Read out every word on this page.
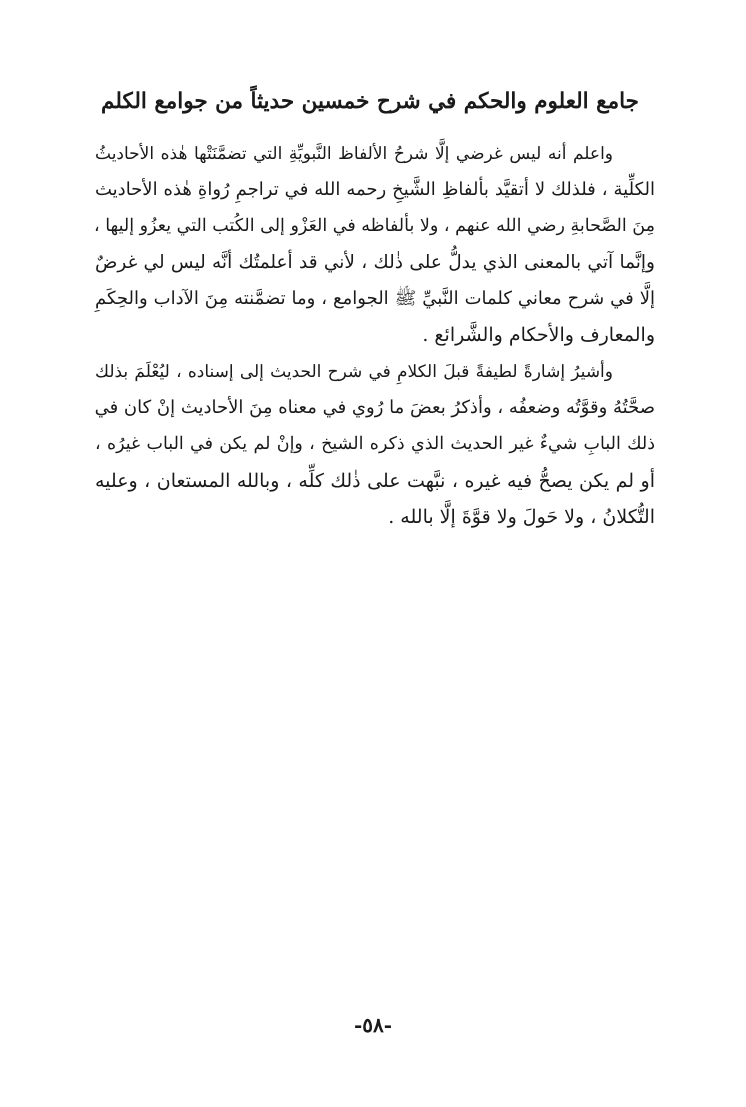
جامع العلوم والحكم في شرح خمسين حديثاً من جوامع الكلم
واعلم أنه ليس غرضي إلَّا شرحُ الألفاظ النَّبويِّةِ التي تضمَّنَتْها هٰذه الأحاديثُ
الكلِّية ، فلذلك لا أتقيَّد بألفاظِ الشَّيخِ رحمه الله في تراجمِ رُواةِ هٰذه الأحاديث
مِنَ الصَّحابةِ رضي الله عنهم ، ولا بألفاظه في العَزْو إلى الكُتب التي يعزُو إليها ،
وإنَّما آتي بالمعنى الذي يدلُّ على ذٰلك ، لأني قد أعلمتُك أنَّه ليس لي غرضٌ
إلَّا في شرح معاني كلمات النَّبيِّ ﷺ الجوامع ، وما تضمَّنته مِنَ الآداب والحِكَمِ
والمعارف والأحكام والشَّرائع .
وأشيرُ إشارةً لطيفةً قبلَ الكلامِ في شرح الحديث إلى إسناده ، ليُعْلَمَ بذلك
صحَّتُهُ وقوَّتُه وضعفُه ، وأذكرُ بعضَ ما رُوي في معناه مِنَ الأحاديث إنْ كان في
ذلك البابِ شيءٌ غير الحديث الذي ذكره الشيخ ، وإنْ لم يكن في الباب غيرُه ،
أو لم يكن يصحُّ فيه غيره ، نبَّهت على ذٰلك كلِّه ، وبالله المستعان ، وعليه
التُّكلانُ ، ولا حَولَ ولا قوَّةَ إلَّا بالله .
-٥٨-
